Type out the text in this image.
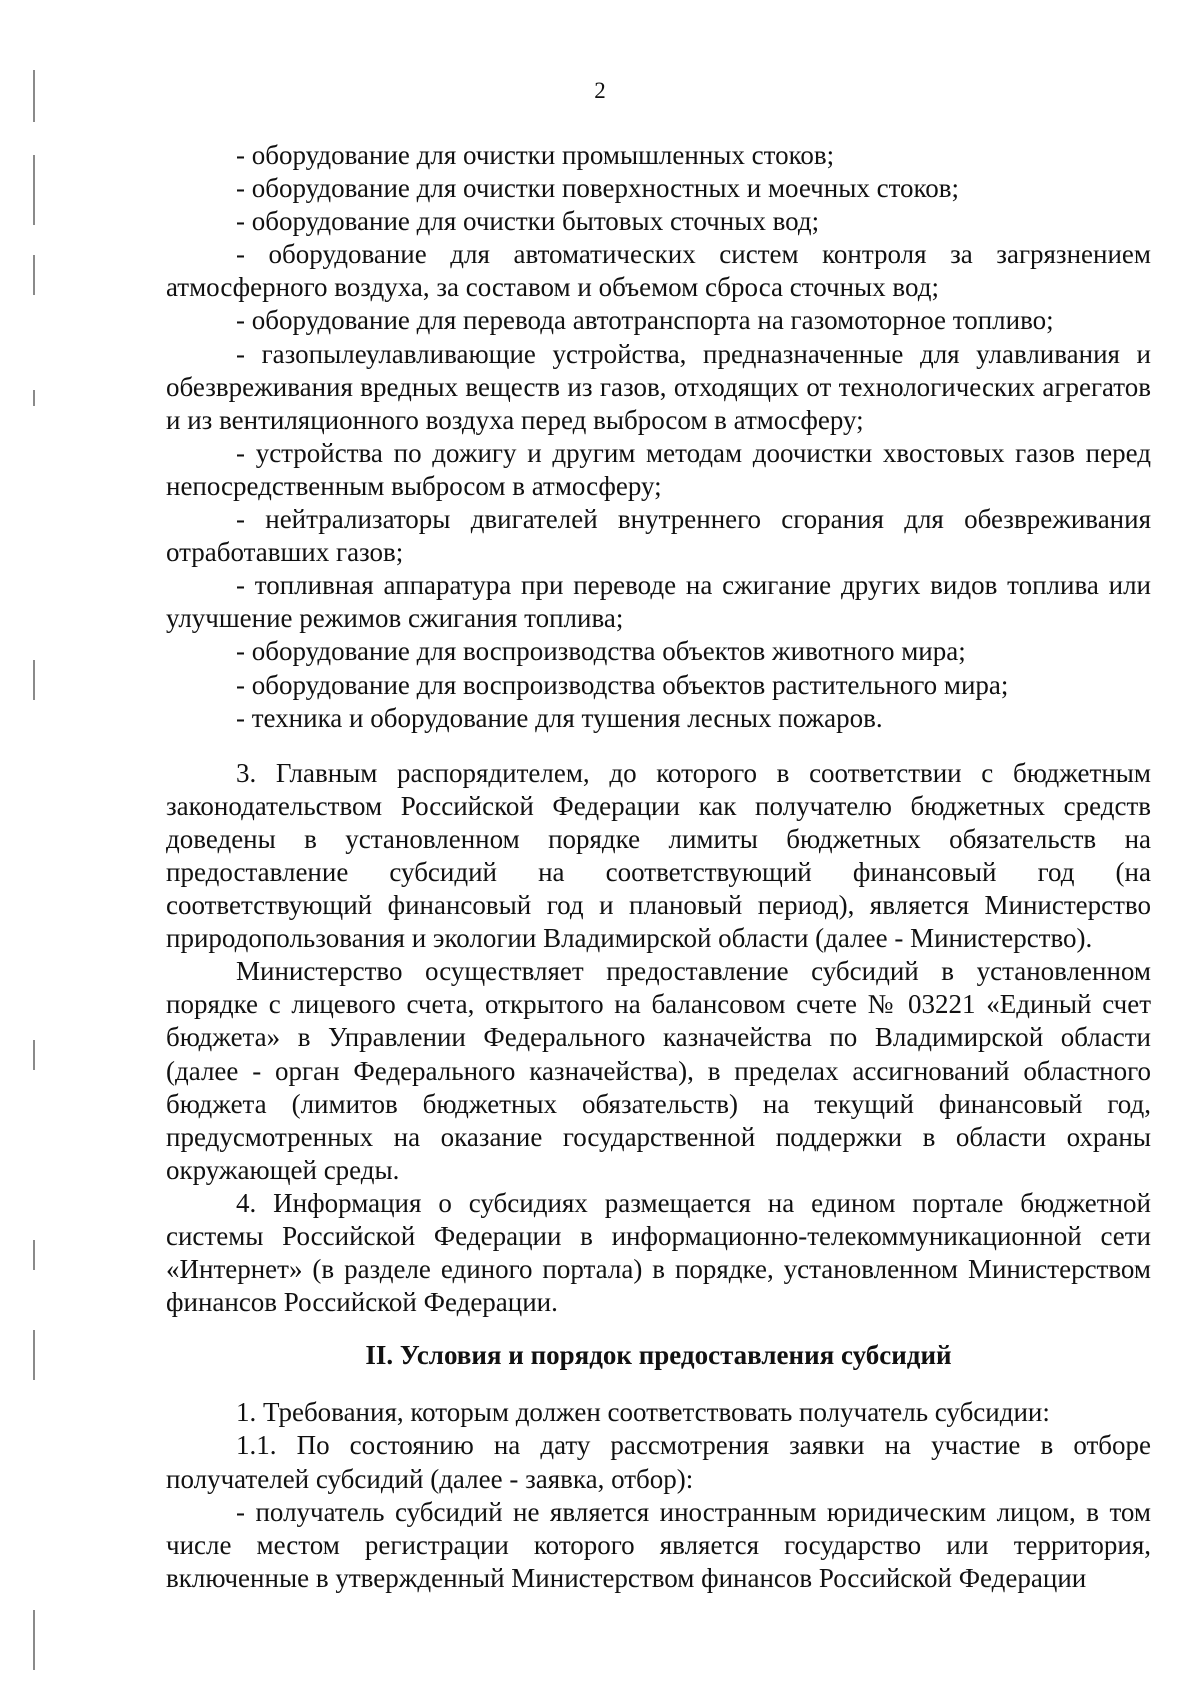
2

- оборудование для очистки промышленных стоков;

- оборудование для очистки поверхностных и моечных стоков;

- оборудование для очистки бытовых сточных вод;

- оборудование для автоматических систем контроля за загрязнением атмосферного воздуха, за составом и объемом сброса сточных вод;

- оборудование для перевода автотранспорта на газомоторное топливо;

- газопылеулавливающие устройства, предназначенные для улавливания и обезвреживания вредных веществ из газов, отходящих от технологических агрегатов и из вентиляционного воздуха перед выбросом в атмосферу;

- устройства по дожигу и другим методам доочистки хвостовых газов перед непосредственным выбросом в атмосферу;

- нейтрализаторы двигателей внутреннего сгорания для обезвреживания отработавших газов;

- топливная аппаратура при переводе на сжигание других видов топлива или улучшение режимов сжигания топлива;

- оборудование для воспроизводства объектов животного мира;

- оборудование для воспроизводства объектов растительного мира;

- техника и оборудование для тушения лесных пожаров.

3. Главным распорядителем, до которого в соответствии с бюджетным законодательством Российской Федерации как получателю бюджетных средств доведены в установленном порядке лимиты бюджетных обязательств на предоставление субсидий на соответствующий финансовый год (на соответствующий финансовый год и плановый период), является Министерство природопользования и экологии Владимирской области (далее - Министерство).

Министерство осуществляет предоставление субсидий в установленном порядке с лицевого счета, открытого на балансовом счете № 03221 «Единый счет бюджета» в Управлении Федерального казначейства по Владимирской области (далее - орган Федерального казначейства), в пределах ассигнований областного бюджета (лимитов бюджетных обязательств) на текущий финансовый год, предусмотренных на оказание государственной поддержки в области охраны окружающей среды.

4. Информация о субсидиях размещается на едином портале бюджетной системы Российской Федерации в информационно-телекоммуникационной сети «Интернет» (в разделе единого портала) в порядке, установленном Министерством финансов Российской Федерации.

II. Условия и порядок предоставления субсидий

1. Требования, которым должен соответствовать получатель субсидии:

1.1. По состоянию на дату рассмотрения заявки на участие в отборе получателей субсидий (далее - заявка, отбор):

- получатель субсидий не является иностранным юридическим лицом, в том числе местом регистрации которого является государство или территория, включенные в утвержденный Министерством финансов Российской Федерации
